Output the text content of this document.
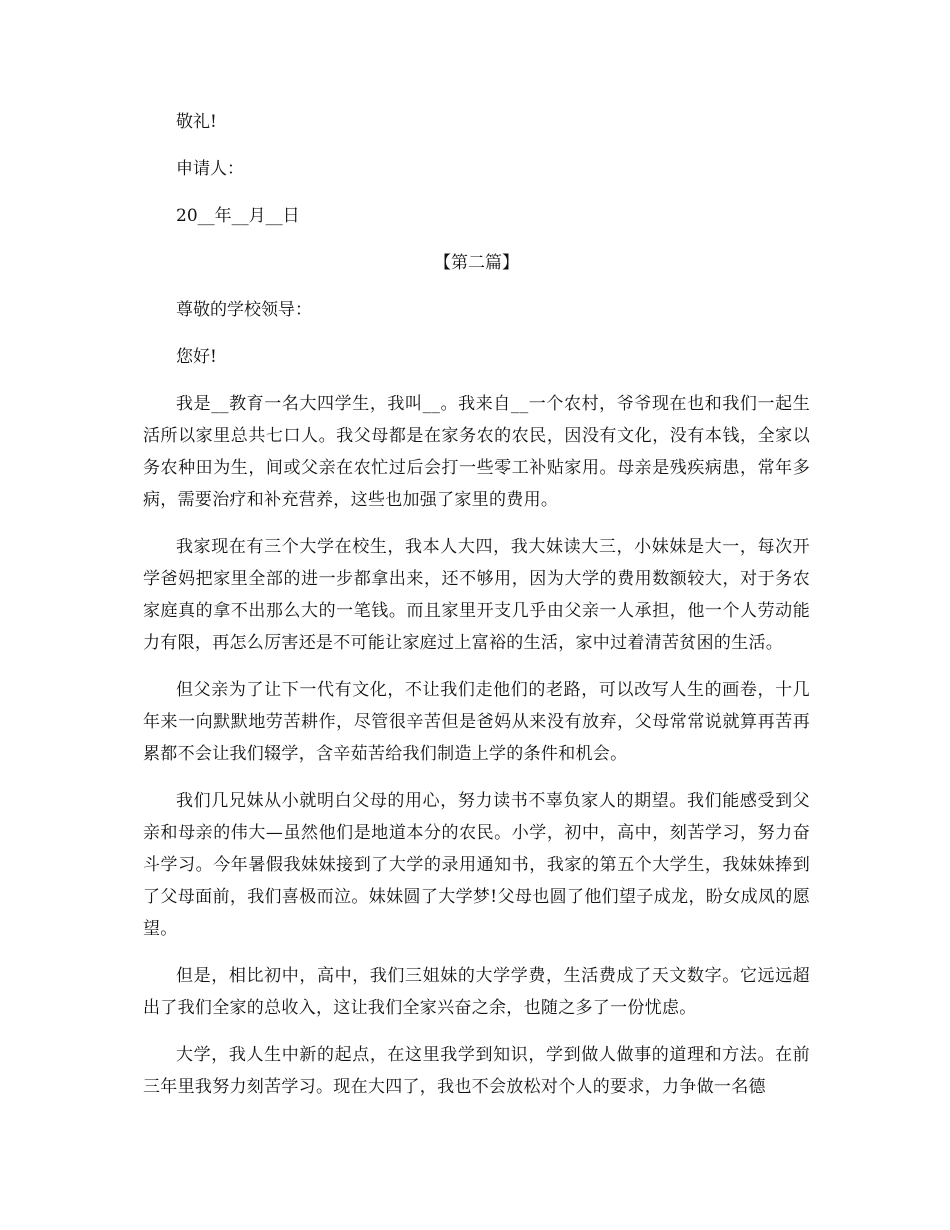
敬礼!

申请人：

20__年__月__日

【第二篇】

尊敬的学校领导：

您好!

我是__教育一名大四学生，我叫__。我来自__一个农村，爷爷现在也和我们一起生活所以家里总共七口人。我父母都是在家务农的农民，因没有文化，没有本钱，全家以务农种田为生，间或父亲在农忙过后会打一些零工补贴家用。母亲是残疾病患，常年多病，需要治疗和补充营养，这些也加强了家里的费用。

我家现在有三个大学在校生，我本人大四，我大妹读大三，小妹妹是大一，每次开学爸妈把家里全部的进一步都拿出来，还不够用，因为大学的费用数额较大，对于务农家庭真的拿不出那么大的一笔钱。而且家里开支几乎由父亲一人承担，他一个人劳动能力有限，再怎么厉害还是不可能让家庭过上富裕的生活，家中过着清苦贫困的生活。

但父亲为了让下一代有文化，不让我们走他们的老路，可以改写人生的画卷，十几年来一向默默地劳苦耕作，尽管很辛苦但是爸妈从来没有放弃，父母常常说就算再苦再累都不会让我们辍学，含辛茹苦给我们制造上学的条件和机会。

我们几兄妹从小就明白父母的用心，努力读书不辜负家人的期望。我们能感受到父亲和母亲的伟大—虽然他们是地道本分的农民。小学，初中，高中，刻苦学习，努力奋斗学习。今年暑假我妹妹接到了大学的录用通知书，我家的第五个大学生，我妹妹捧到了父母面前，我们喜极而泣。妹妹圆了大学梦!父母也圆了他们望子成龙，盼女成凤的愿望。

但是，相比初中，高中，我们三姐妹的大学学费，生活费成了天文数字。它远远超出了我们全家的总收入，这让我们全家兴奋之余，也随之多了一份忧虑。

大学，我人生中新的起点，在这里我学到知识，学到做人做事的道理和方法。在前三年里我努力刻苦学习。现在大四了，我也不会放松对个人的要求，力争做一名德
